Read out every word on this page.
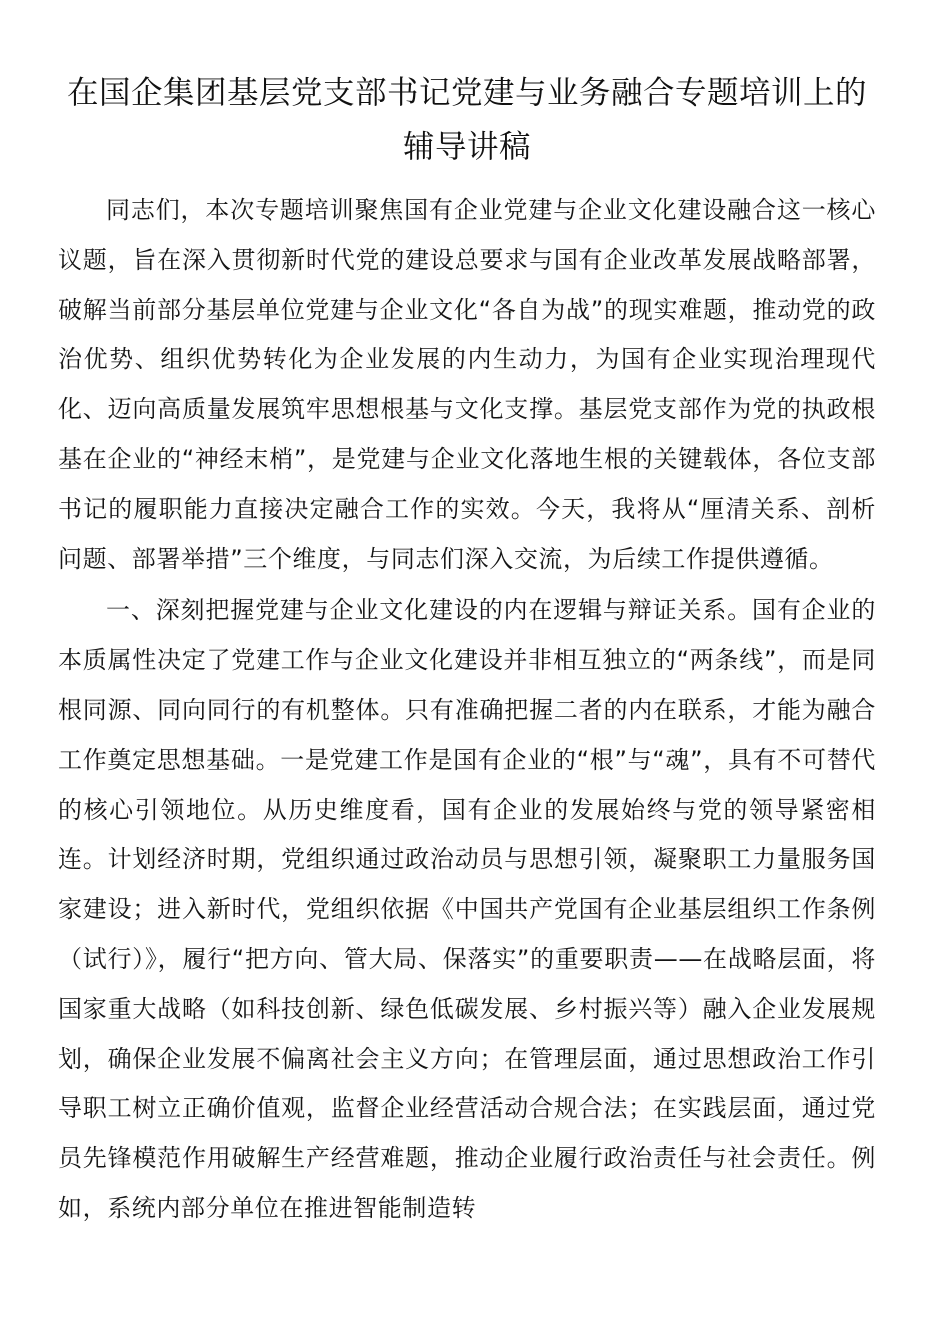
在国企集团基层党支部书记党建与业务融合专题培训上的辅导讲稿

同志们，本次专题培训聚焦国有企业党建与企业文化建设融合这一核心议题，旨在深入贯彻新时代党的建设总要求与国有企业改革发展战略部署，破解当前部分基层单位党建与企业文化“各自为战”的现实难题，推动党的政治优势、组织优势转化为企业发展的内生动力，为国有企业实现治理现代化、迈向高质量发展筑牢思想根基与文化支撑。基层党支部作为党的执政根基在企业的“神经末梢”，是党建与企业文化落地生根的关键载体，各位支部书记的履职能力直接决定融合工作的实效。今天，我将从“厘清关系、剖析问题、部署举措”三个维度，与同志们深入交流，为后续工作提供遵循。

一、深刻把握党建与企业文化建设的内在逻辑与辩证关系。国有企业的本质属性决定了党建工作与企业文化建设并非相互独立的“两条线”，而是同根同源、同向同行的有机整体。只有准确把握二者的内在联系，才能为融合工作奠定思想基础。一是党建工作是国有企业的“根”与“魂”，具有不可替代的核心引领地位。从历史维度看，国有企业的发展始终与党的领导紧密相连。计划经济时期，党组织通过政治动员与思想引领，凝聚职工力量服务国家建设；进入新时代，党组织依据《中国共产党国有企业基层组织工作条例（试行）》，履行“把方向、管大局、保落实”的重要职责——在战略层面，将国家重大战略（如科技创新、绿色低碳发展、乡村振兴等）融入企业发展规划，确保企业发展不偏离社会主义方向；在管理层面，通过思想政治工作引导职工树立正确价值观，监督企业经营活动合规合法；在实践层面，通过党员先锋模范作用破解生产经营难题，推动企业履行政治责任与社会责任。例如，系统内部分单位在推进智能制造转
